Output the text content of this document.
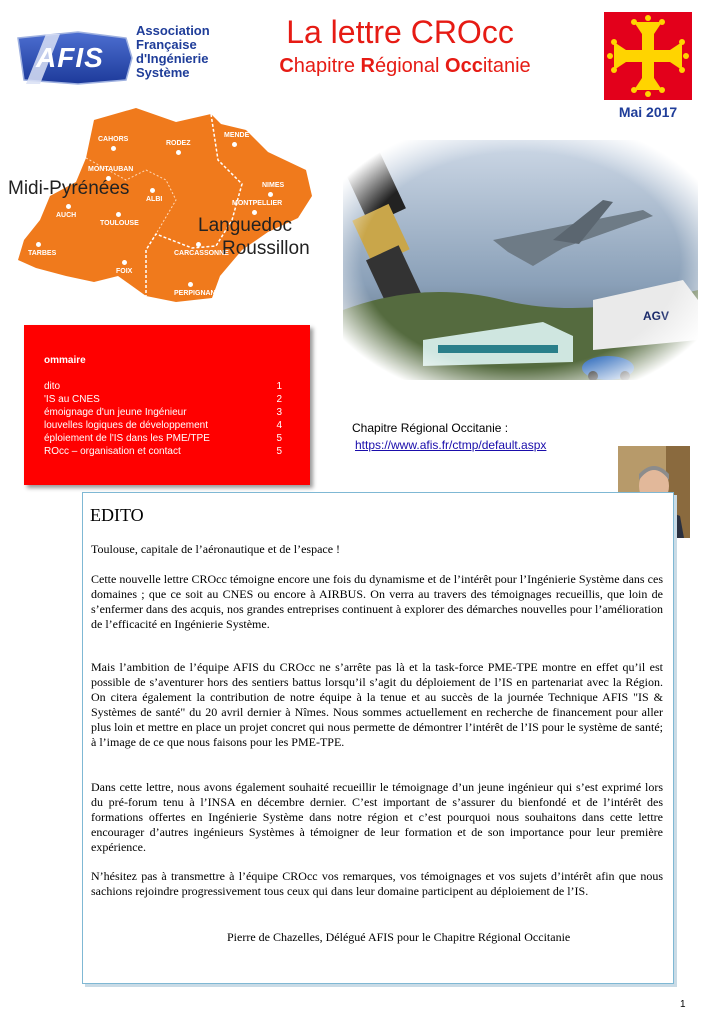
AFIS
Association
Française
d'Ingénierie
Système
La lettre CROcc
Chapitre Régional Occitanie
Mai 2017
CAHORS
RODEZ
MENDE
MONTAUBAN
ALBI
NIMES
MONTPELLIER
AUCH
TOULOUSE
CARCASSONNE
TARBES
FOIX
PERPIGNAN
Midi-Pyrénées
Languedoc
Roussillon
ommaire
dito	1
'IS au CNES	2
émoignage d'un jeune Ingénieur	3
louvelles logiques de développement	4
éploiement de l'IS dans les PME/TPE	5
ROcc – organisation et contact	5
Chapitre Régional Occitanie :
https://www.afis.fr/ctmp/default.aspx
EDITO

Toulouse, capitale de l’aéronautique et de l’espace !

Cette nouvelle lettre CROcc témoigne encore une fois du dynamisme et de l’intérêt pour l’Ingénierie Système dans ces domaines ; que ce soit au CNES ou encore à AIRBUS. On verra au travers des témoignages recueillis, que loin de s’enfermer dans des acquis, nos grandes entreprises continuent à explorer des démarches nouvelles pour l’amélioration de l’efficacité en Ingénierie Système.

Mais l’ambition de l’équipe AFIS du CROcc ne s’arrête pas là et la task-force PME-TPE montre en effet qu’il est possible de s’aventurer hors des sentiers battus lorsqu’il s’agit du déploiement de l’IS en partenariat avec la Région. On citera également la contribution de notre équipe à la tenue et au succès de la journée Technique AFIS "IS & Systèmes de santé" du 20 avril dernier à Nîmes. Nous sommes actuellement en recherche de financement pour aller plus loin et mettre en place un projet concret qui nous permette de démontrer l’intérêt de l’IS pour le système de santé; à l’image de ce que nous faisons pour les PME-TPE.

Dans cette lettre, nous avons également souhaité recueillir le témoignage d’un jeune ingénieur qui s’est exprimé lors du pré-forum tenu à l’INSA en décembre dernier. C’est important de s’assurer du bienfondé et de l’intérêt des formations offertes en Ingénierie Système dans notre région et c’est pourquoi nous souhaitons dans cette lettre encourager d’autres ingénieurs Systèmes à témoigner de leur formation et de son importance pour leur première expérience.

N’hésitez pas à transmettre à l’équipe CROcc vos remarques, vos témoignages et vos sujets d’intérêt afin que nous sachions rejoindre progressivement tous ceux qui dans leur domaine participent au déploiement de l’IS.

Pierre de Chazelles, Délégué AFIS pour le Chapitre Régional Occitanie
1
